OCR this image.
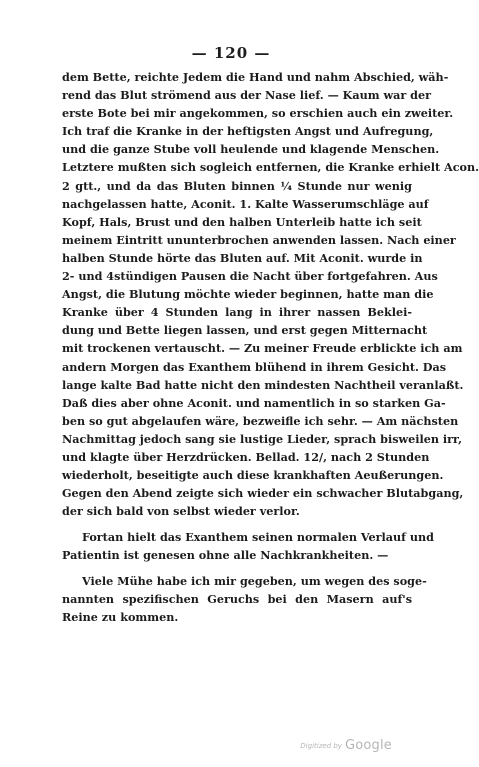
— 120 —
dem Bette, reichte Jedem die Hand und nahm Abschied, wäh-
rend das Blut strömend aus der Nase lief. — Kaum war der
erste Bote bei mir angekommen, so erschien auch ein zweiter.
Ich traf die Kranke in der heftigsten Angst und Aufregung,
und die ganze Stube voll heulende und klagende Menschen.
Letztere mußten sich sogleich entfernen, die Kranke erhielt Acon.
2 gtt., und da das Bluten binnen ¼ Stunde nur wenig
nachgelassen hatte, Aconit. 1. Kalte Wasserumschläge auf
Kopf, Hals, Brust und den halben Unterleib hatte ich seit
meinem Eintritt ununterbrochen anwenden lassen. Nach einer
halben Stunde hörte das Bluten auf. Mit Aconit. wurde in
2- und 4stündigen Pausen die Nacht über fortgefahren. Aus
Angst, die Blutung möchte wieder beginnen, hatte man die
Kranke über 4 Stunden lang in ihrer nassen Beklei-
dung und Bette liegen lassen, und erst gegen Mitternacht
mit trockenen vertauscht. — Zu meiner Freude erblickte ich am
andern Morgen das Exanthem blühend in ihrem Gesicht. Das
lange kalte Bad hatte nicht den mindesten Nachtheil veranlaßt.
Daß dies aber ohne Aconit. und namentlich in so starken Ga-
ben so gut abgelaufen wäre, bezweifle ich sehr. — Am nächsten
Nachmittag jedoch sang sie lustige Lieder, sprach bisweilen irr,
und klagte über Herzdrücken. Bellad. 12/, nach 2 Stunden
wiederholt, beseitigte auch diese krankhaften Aeußerungen.
Gegen den Abend zeigte sich wieder ein schwacher Blutabgang,
der sich bald von selbst wieder verlor.
Fortan hielt das Exanthem seinen normalen Verlauf und
Patientin ist genesen ohne alle Nachkrankheiten. —
Viele Mühe habe ich mir gegeben, um wegen des soge-
nannten spezifischen Geruchs bei den Masern auf's
Reine zu kommen.
Digitized by Google
